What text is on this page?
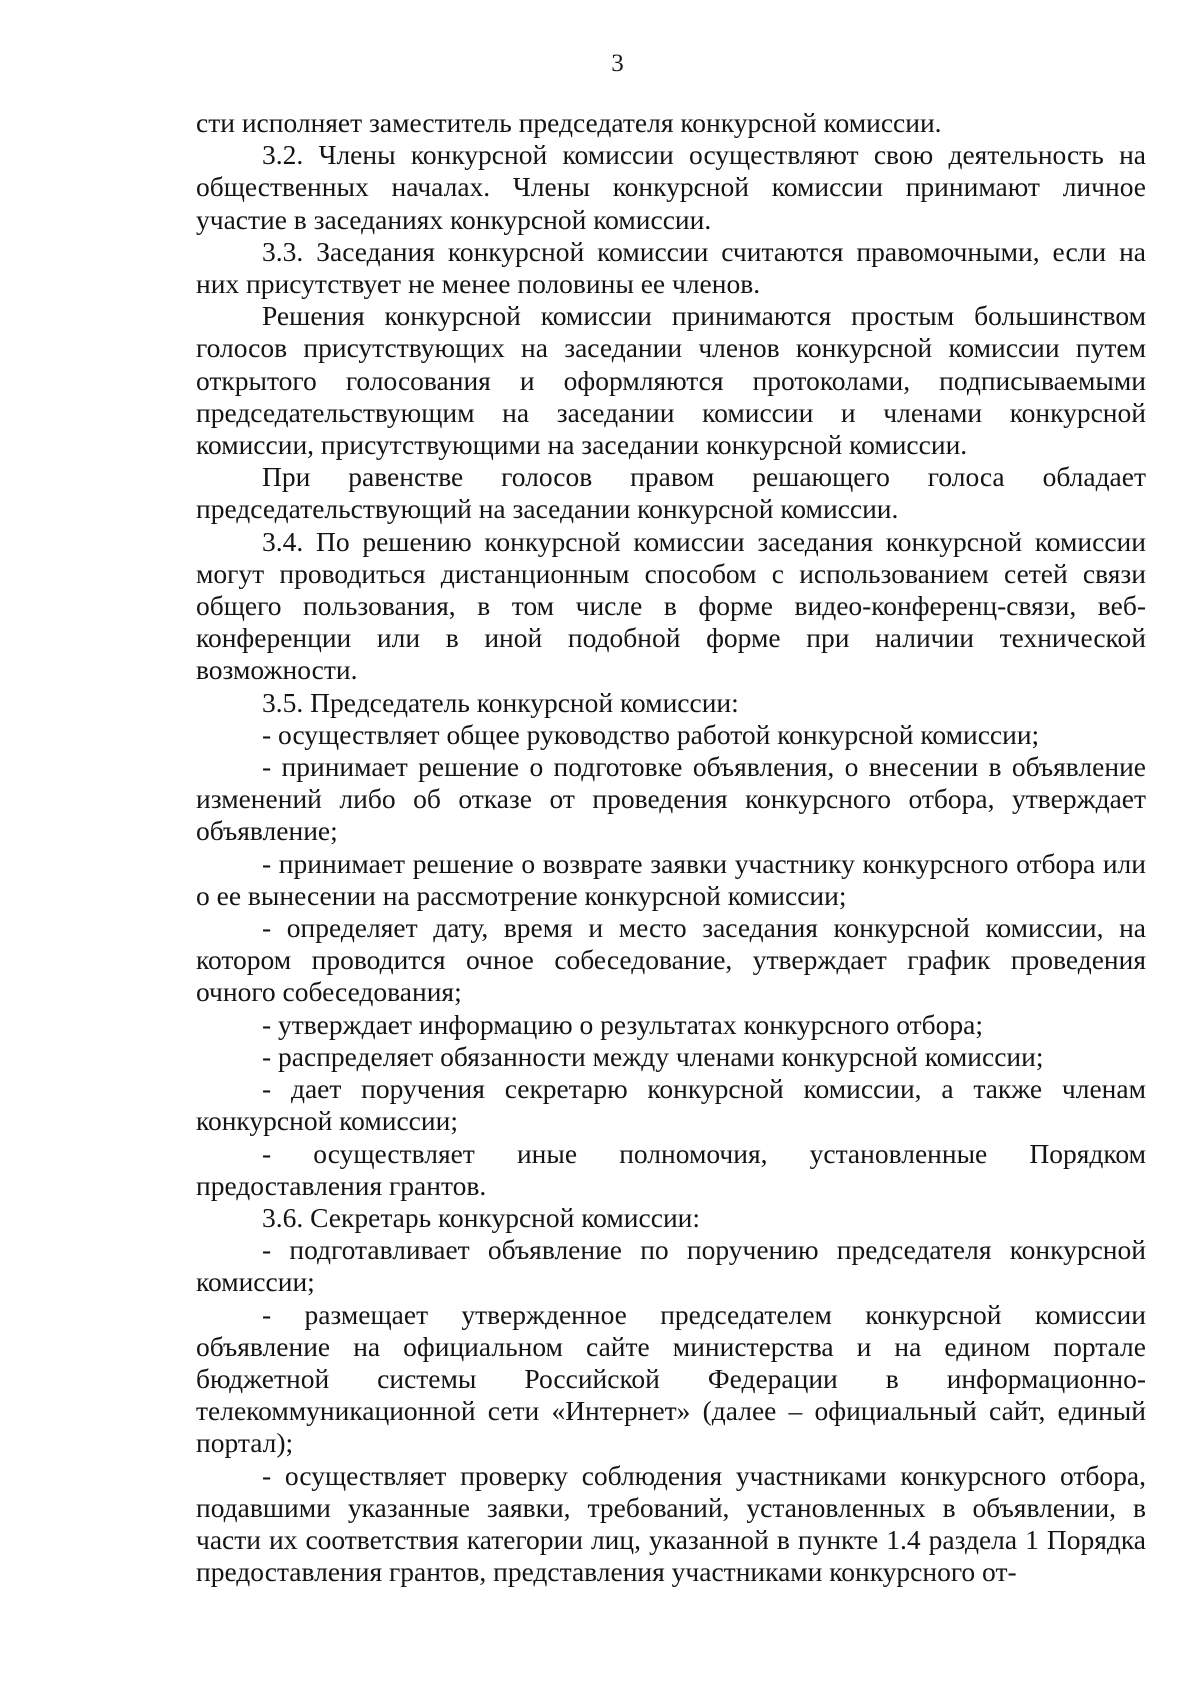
3

сти исполняет заместитель председателя конкурсной комиссии.

3.2. Члены конкурсной комиссии осуществляют свою деятельность на общественных началах. Члены конкурсной комиссии принимают личное участие в заседаниях конкурсной комиссии.

3.3. Заседания конкурсной комиссии считаются правомочными, если на них присутствует не менее половины ее членов.

Решения конкурсной комиссии принимаются простым большинством голосов присутствующих на заседании членов конкурсной комиссии путем открытого голосования и оформляются протоколами, подписываемыми председательствующим на заседании комиссии и членами конкурсной комиссии, присутствующими на заседании конкурсной комиссии.

При равенстве голосов правом решающего голоса обладает председательствующий на заседании конкурсной комиссии.

3.4. По решению конкурсной комиссии заседания конкурсной комиссии могут проводиться дистанционным способом с использованием сетей связи общего пользования, в том числе в форме видео-конференц-связи, веб-конференции или в иной подобной форме при наличии технической возможности.

3.5. Председатель конкурсной комиссии:

- осуществляет общее руководство работой конкурсной комиссии;

- принимает решение о подготовке объявления, о внесении в объявление изменений либо об отказе от проведения конкурсного отбора, утверждает объявление;

- принимает решение о возврате заявки участнику конкурсного отбора или о ее вынесении на рассмотрение конкурсной комиссии;

- определяет дату, время и место заседания конкурсной комиссии, на котором проводится очное собеседование, утверждает график проведения очного собеседования;

- утверждает информацию о результатах конкурсного отбора;

- распределяет обязанности между членами конкурсной комиссии;

- дает поручения секретарю конкурсной комиссии, а также членам конкурсной комиссии;

- осуществляет иные полномочия, установленные Порядком предоставления грантов.

3.6. Секретарь конкурсной комиссии:

- подготавливает объявление по поручению председателя конкурсной комиссии;

- размещает утвержденное председателем конкурсной комиссии объявление на официальном сайте министерства и на едином портале бюджетной системы Российской Федерации в информационно-телекоммуникационной сети «Интернет» (далее – официальный сайт, единый портал);

- осуществляет проверку соблюдения участниками конкурсного отбора, подавшими указанные заявки, требований, установленных в объявлении, в части их соответствия категории лиц, указанной в пункте 1.4 раздела 1 Порядка предоставления грантов, представления участниками конкурсного от-
